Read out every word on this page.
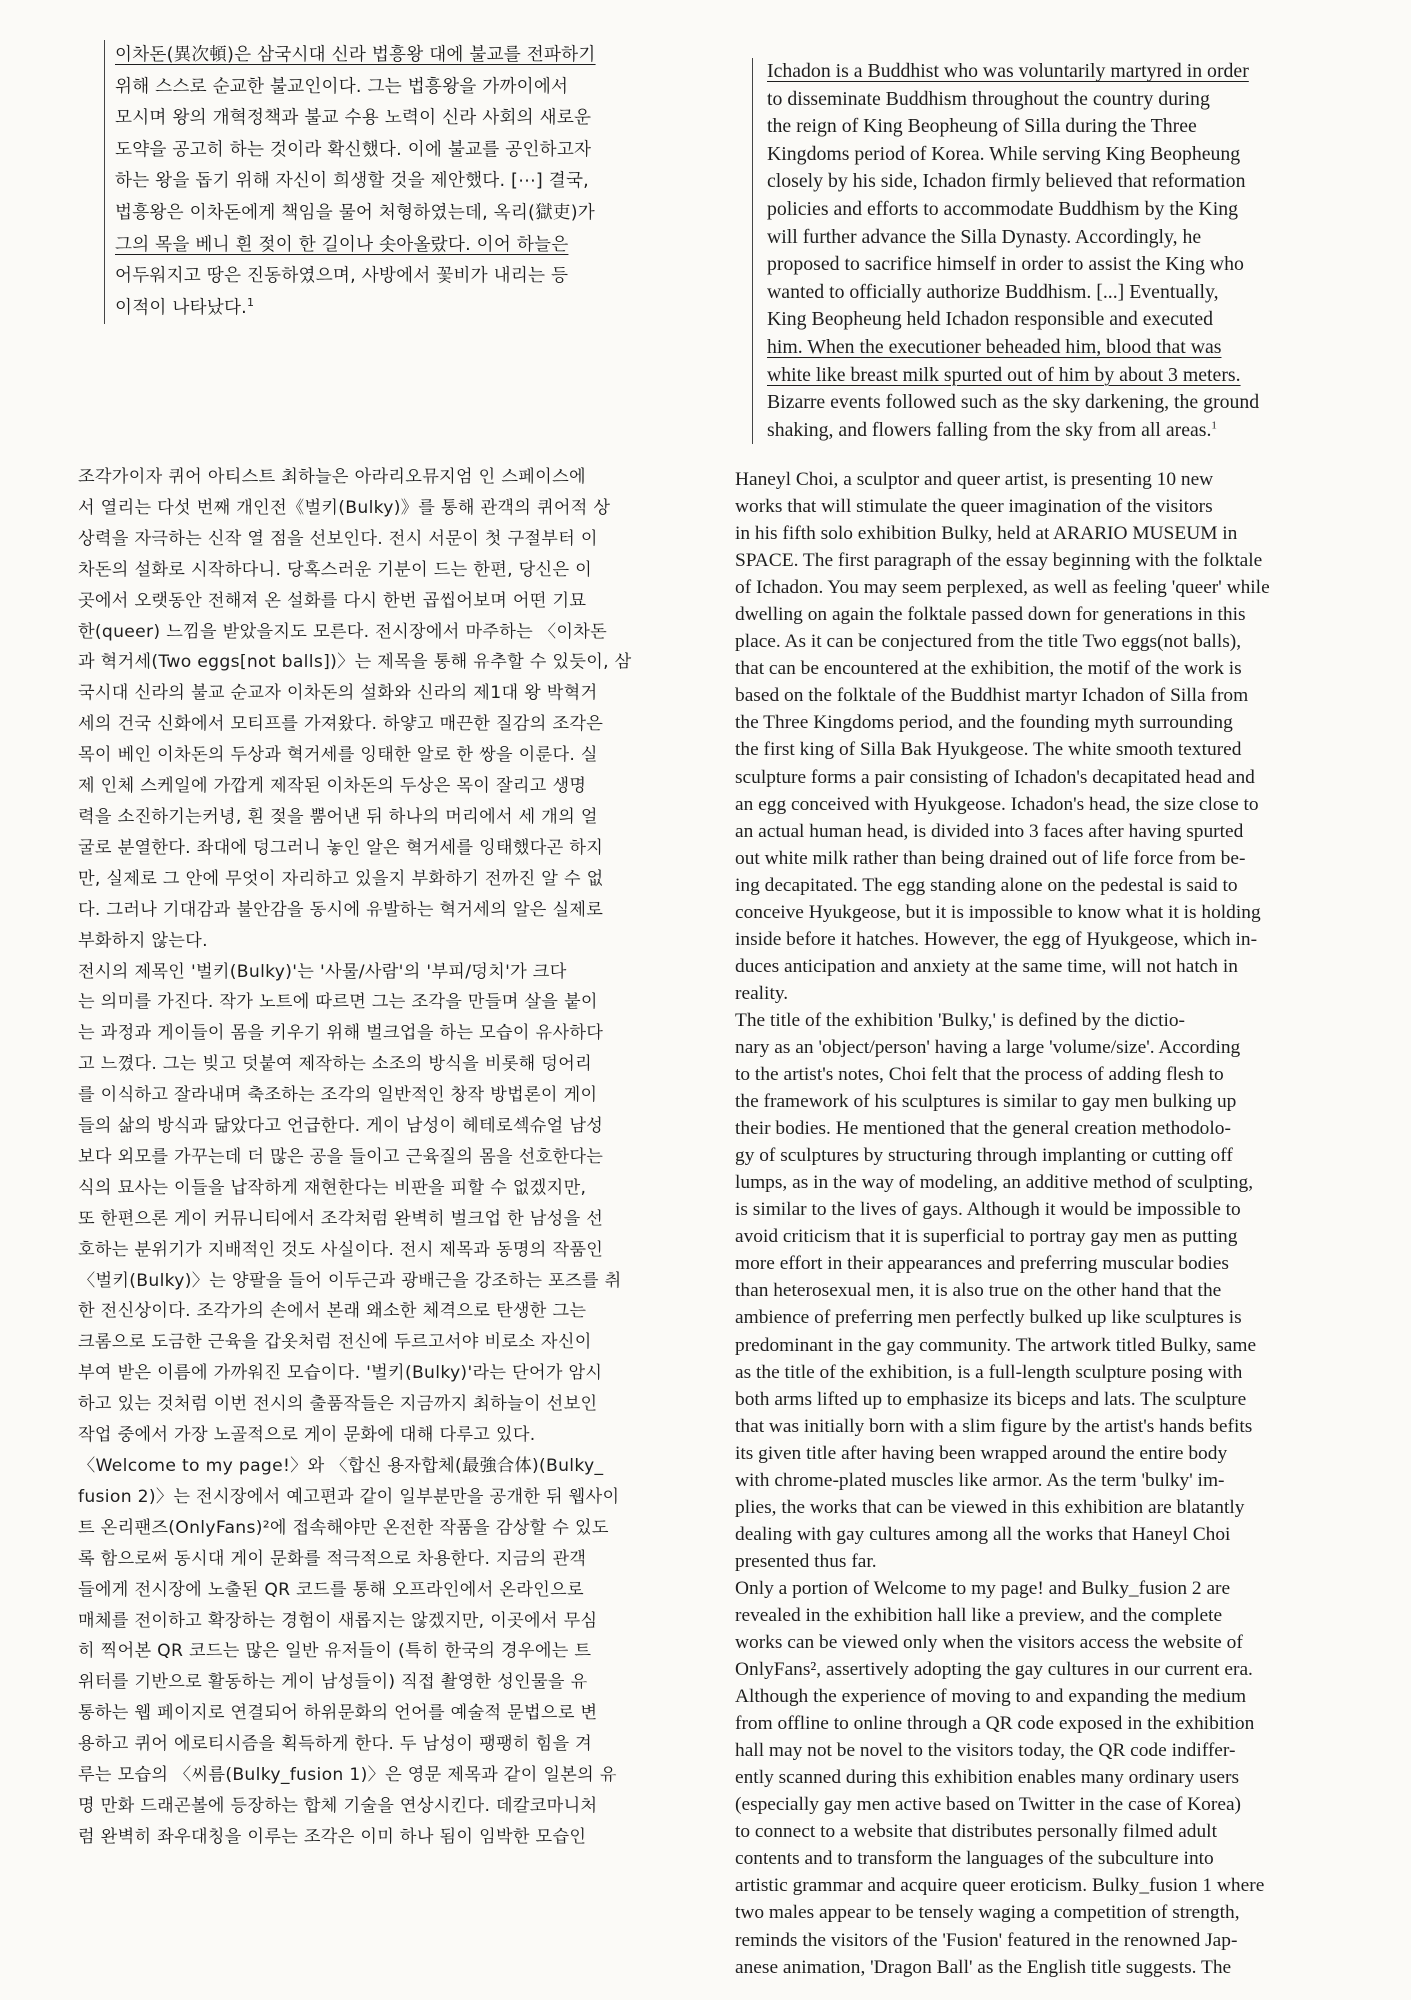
이차돈(異次頓)은 삼국시대 신라 법흥왕 대에 불교를 전파하기
위해 스스로 순교한 불교인이다. 그는 법흥왕을 가까이에서
모시며 왕의 개혁정책과 불교 수용 노력이 신라 사회의 새로운
도약을 공고히 하는 것이라 확신했다. 이에 불교를 공인하고자
하는 왕을 돕기 위해 자신이 희생할 것을 제안했다. [⋯] 결국,
법흥왕은 이차돈에게 책임을 물어 처형하였는데, 옥리(獄吏)가
그의 목을 베니 흰 젖이 한 길이나 솟아올랐다. 이어 하늘은
어두워지고 땅은 진동하였으며, 사방에서 꽃비가 내리는 등
이적이 나타났다.$^1$
Ichadon is a Buddhist who was voluntarily martyred in order
to disseminate Buddhism throughout the country during
the reign of King Beopheung of Silla during the Three
Kingdoms period of Korea. While serving King Beopheung
closely by his side, Ichadon firmly believed that reformation
policies and efforts to accommodate Buddhism by the King
will further advance the Silla Dynasty. Accordingly, he
proposed to sacrifice himself in order to assist the King who
wanted to officially authorize Buddhism. [...] Eventually,
King Beopheung held Ichadon responsible and executed
him. When the executioner beheaded him, blood that was
white like breast milk spurted out of him by about 3 meters.
Bizarre events followed such as the sky darkening, the ground
shaking, and flowers falling from the sky from all areas.$^1$
조각가이자 퀴어 아티스트 최하늘은 아라리오뮤지엄 인 스페이스에
서 열리는 다섯 번째 개인전《벌키(Bulky)》를 통해 관객의 퀴어적 상
상력을 자극하는 신작 열 점을 선보인다. 전시 서문이 첫 구절부터 이
차돈의 설화로 시작하다니. 당혹스러운 기분이 드는 한편, 당신은 이
곳에서 오랫동안 전해져 온 설화를 다시 한번 곱씹어보며 어떤 기묘
한(queer) 느낌을 받았을지도 모른다. 전시장에서 마주하는 〈이차돈
과 혁거세(Two eggs[not balls])〉는 제목을 통해 유추할 수 있듯이, 삼
국시대 신라의 불교 순교자 이차돈의 설화와 신라의 제1대 왕 박혁거
세의 건국 신화에서 모티프를 가져왔다. 하얗고 매끈한 질감의 조각은
목이 베인 이차돈의 두상과 혁거세를 잉태한 알로 한 쌍을 이룬다. 실
제 인체 스케일에 가깝게 제작된 이차돈의 두상은 목이 잘리고 생명
력을 소진하기는커녕, 흰 젖을 뿜어낸 뒤 하나의 머리에서 세 개의 얼
굴로 분열한다. 좌대에 덩그러니 놓인 알은 혁거세를 잉태했다곤 하지
만, 실제로 그 안에 무엇이 자리하고 있을지 부화하기 전까진 알 수 없
다. 그러나 기대감과 불안감을 동시에 유발하는 혁거세의 알은 실제로
부화하지 않는다.
전시의 제목인 '벌키(Bulky)'는 '사물/사람'의 '부피/덩치'가 크다
는 의미를 가진다. 작가 노트에 따르면 그는 조각을 만들며 살을 붙이
는 과정과 게이들이 몸을 키우기 위해 벌크업을 하는 모습이 유사하다
고 느꼈다. 그는 빚고 덧붙여 제작하는 소조의 방식을 비롯해 덩어리
를 이식하고 잘라내며 축조하는 조각의 일반적인 창작 방법론이 게이
들의 삶의 방식과 닮았다고 언급한다. 게이 남성이 헤테로섹슈얼 남성
보다 외모를 가꾸는데 더 많은 공을 들이고 근육질의 몸을 선호한다는
식의 묘사는 이들을 납작하게 재현한다는 비판을 피할 수 없겠지만,
또 한편으론 게이 커뮤니티에서 조각처럼 완벽히 벌크업 한 남성을 선
호하는 분위기가 지배적인 것도 사실이다. 전시 제목과 동명의 작품인
〈벌키(Bulky)〉는 양팔을 들어 이두근과 광배근을 강조하는 포즈를 취
한 전신상이다. 조각가의 손에서 본래 왜소한 체격으로 탄생한 그는
크롬으로 도금한 근육을 갑옷처럼 전신에 두르고서야 비로소 자신이
부여 받은 이름에 가까워진 모습이다. '벌키(Bulky)'라는 단어가 암시
하고 있는 것처럼 이번 전시의 출품작들은 지금까지 최하늘이 선보인
작업 중에서 가장 노골적으로 게이 문화에 대해 다루고 있다.
〈Welcome to my page!〉와 〈합신 용자합체(最強合体)(Bulky_
fusion 2)〉는 전시장에서 예고편과 같이 일부분만을 공개한 뒤 웹사이
트 온리팬즈(OnlyFans)²에 접속해야만 온전한 작품을 감상할 수 있도
록 함으로써 동시대 게이 문화를 적극적으로 차용한다. 지금의 관객
들에게 전시장에 노출된 QR 코드를 통해 오프라인에서 온라인으로
매체를 전이하고 확장하는 경험이 새롭지는 않겠지만, 이곳에서 무심
히 찍어본 QR 코드는 많은 일반 유저들이 (특히 한국의 경우에는 트
위터를 기반으로 활동하는 게이 남성들이) 직접 촬영한 성인물을 유
통하는 웹 페이지로 연결되어 하위문화의 언어를 예술적 문법으로 변
용하고 퀴어 에로티시즘을 획득하게 한다. 두 남성이 팽팽히 힘을 겨
루는 모습의 〈씨름(Bulky_fusion 1)〉은 영문 제목과 같이 일본의 유
명 만화 드래곤볼에 등장하는 합체 기술을 연상시킨다. 데칼코마니처
럼 완벽히 좌우대칭을 이루는 조각은 이미 하나 됨이 임박한 모습인
Haneyl Choi, a sculptor and queer artist, is presenting 10 new
works that will stimulate the queer imagination of the visitors
in his fifth solo exhibition Bulky, held at ARARIO MUSEUM in
SPACE. The first paragraph of the essay beginning with the folktale
of Ichadon. You may seem perplexed, as well as feeling 'queer' while
dwelling on again the folktale passed down for generations in this
place. As it can be conjectured from the title Two eggs(not balls),
that can be encountered at the exhibition, the motif of the work is
based on the folktale of the Buddhist martyr Ichadon of Silla from
the Three Kingdoms period, and the founding myth surrounding
the first king of Silla Bak Hyukgeose. The white smooth textured
sculpture forms a pair consisting of Ichadon's decapitated head and
an egg conceived with Hyukgeose. Ichadon's head, the size close to
an actual human head, is divided into 3 faces after having spurted
out white milk rather than being drained out of life force from be-
ing decapitated. The egg standing alone on the pedestal is said to
conceive Hyukgeose, but it is impossible to know what it is holding
inside before it hatches. However, the egg of Hyukgeose, which in-
duces anticipation and anxiety at the same time, will not hatch in
reality.
The title of the exhibition 'Bulky,' is defined by the dictio-
nary as an 'object/person' having a large 'volume/size'. According
to the artist's notes, Choi felt that the process of adding flesh to
the framework of his sculptures is similar to gay men bulking up
their bodies. He mentioned that the general creation methodolo-
gy of sculptures by structuring through implanting or cutting off
lumps, as in the way of modeling, an additive method of sculpting,
is similar to the lives of gays. Although it would be impossible to
avoid criticism that it is superficial to portray gay men as putting
more effort in their appearances and preferring muscular bodies
than heterosexual men, it is also true on the other hand that the
ambience of preferring men perfectly bulked up like sculptures is
predominant in the gay community. The artwork titled Bulky, same
as the title of the exhibition, is a full-length sculpture posing with
both arms lifted up to emphasize its biceps and lats. The sculpture
that was initially born with a slim figure by the artist's hands befits
its given title after having been wrapped around the entire body
with chrome-plated muscles like armor. As the term 'bulky' im-
plies, the works that can be viewed in this exhibition are blatantly
dealing with gay cultures among all the works that Haneyl Choi
presented thus far.
Only a portion of Welcome to my page! and Bulky_fusion 2 are
revealed in the exhibition hall like a preview, and the complete
works can be viewed only when the visitors access the website of
OnlyFans², assertively adopting the gay cultures in our current era.
Although the experience of moving to and expanding the medium
from offline to online through a QR code exposed in the exhibition
hall may not be novel to the visitors today, the QR code indiffer-
ently scanned during this exhibition enables many ordinary users
(especially gay men active based on Twitter in the case of Korea)
to connect to a website that distributes personally filmed adult
contents and to transform the languages of the subculture into
artistic grammar and acquire queer eroticism. Bulky_fusion 1 where
two males appear to be tensely waging a competition of strength,
reminds the visitors of the 'Fusion' featured in the renowned Jap-
anese animation, 'Dragon Ball' as the English title suggests. The
